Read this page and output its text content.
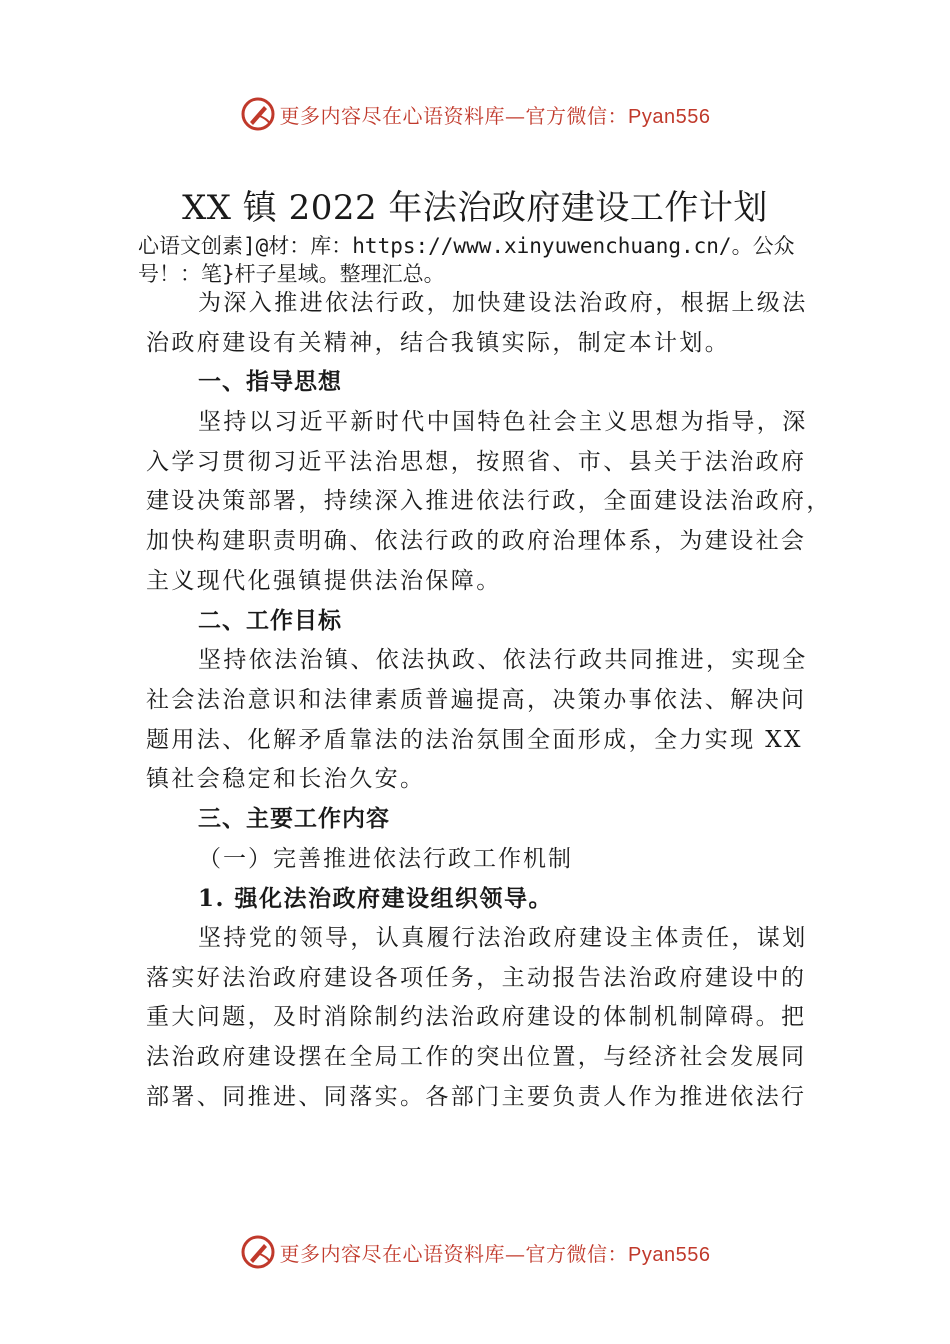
更多内容尽在心语资料库—官方微信：Pyan556
XX 镇 2022 年法治政府建设工作计划
心语文创素]@材：库：https://www.xinyuwenchuang.cn/。公众号！：笔}杆子星域。整理汇总。
为深入推进依法行政，加快建设法治政府，根据上级法
治政府建设有关精神，结合我镇实际，制定本计划。
一、指导思想
坚持以习近平新时代中国特色社会主义思想为指导，深
入学习贯彻习近平法治思想，按照省、市、县关于法治政府
建设决策部署，持续深入推进依法行政，全面建设法治政府，
加快构建职责明确、依法行政的政府治理体系，为建设社会
主义现代化强镇提供法治保障。
二、工作目标
坚持依法治镇、依法执政、依法行政共同推进，实现全
社会法治意识和法律素质普遍提高，决策办事依法、解决问
题用法、化解矛盾靠法的法治氛围全面形成，全力实现 XX
镇社会稳定和长治久安。
三、主要工作内容
（一）完善推进依法行政工作机制
1. 强化法治政府建设组织领导。
坚持党的领导，认真履行法治政府建设主体责任，谋划
落实好法治政府建设各项任务，主动报告法治政府建设中的
重大问题，及时消除制约法治政府建设的体制机制障碍。把
法治政府建设摆在全局工作的突出位置，与经济社会发展同
部署、同推进、同落实。各部门主要负责人作为推进依法行
更多内容尽在心语资料库—官方微信：Pyan556
